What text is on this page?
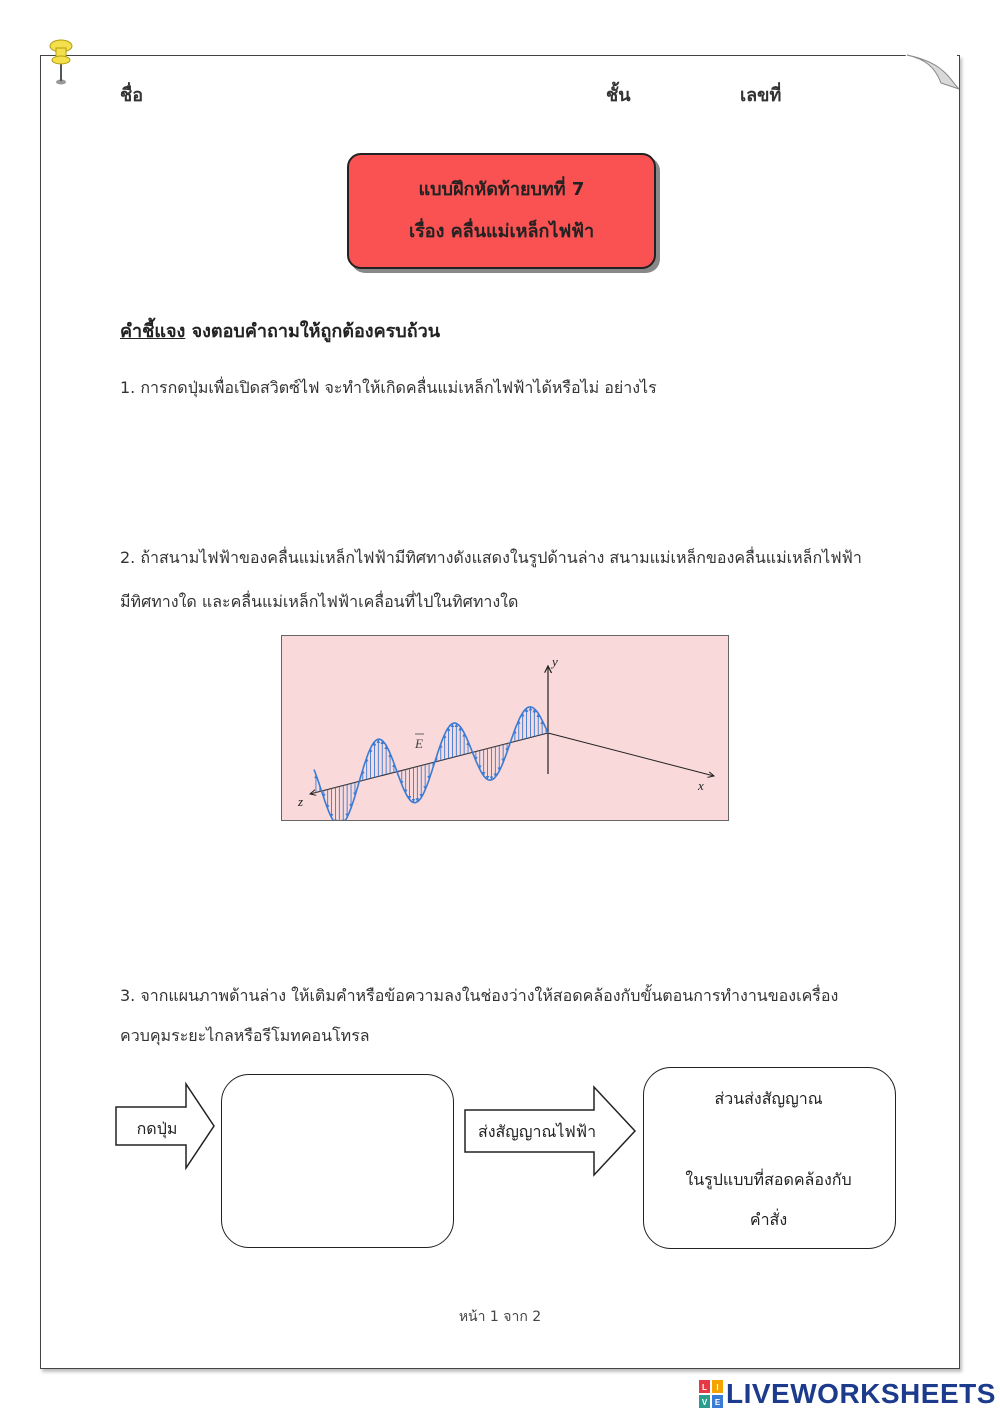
ชื่อ	ชั้น	เลขที่
แบบฝึกหัดท้ายบทที่ 7
เรื่อง คลื่นแม่เหล็กไฟฟ้า
คำชี้แจง จงตอบคำถามให้ถูกต้องครบถ้วน
1. การกดปุ่มเพื่อเปิดสวิตซ์ไฟ จะทำให้เกิดคลื่นแม่เหล็กไฟฟ้าได้หรือไม่ อย่างไร
2. ถ้าสนามไฟฟ้าของคลื่นแม่เหล็กไฟฟ้ามีทิศทางดังแสดงในรูปด้านล่าง สนามแม่เหล็กของคลื่นแม่เหล็กไฟฟ้า
มีทิศทางใด และคลื่นแม่เหล็กไฟฟ้าเคลื่อนที่ไปในทิศทางใด
y
x
z
E
3. จากแผนภาพด้านล่าง ให้เติมคำหรือข้อความลงในช่องว่างให้สอดคล้องกับขั้นตอนการทำงานของเครื่อง
ควบคุมระยะไกลหรือรีโมทคอนโทรล
กดปุ่ม	ส่งสัญญาณไฟฟ้า
ส่วนส่งสัญญาณ
ในรูปแบบที่สอดคล้องกับ
คำสั่ง
หน้า 1 จาก 2
L I
V E LIVEWORKSHEETS
